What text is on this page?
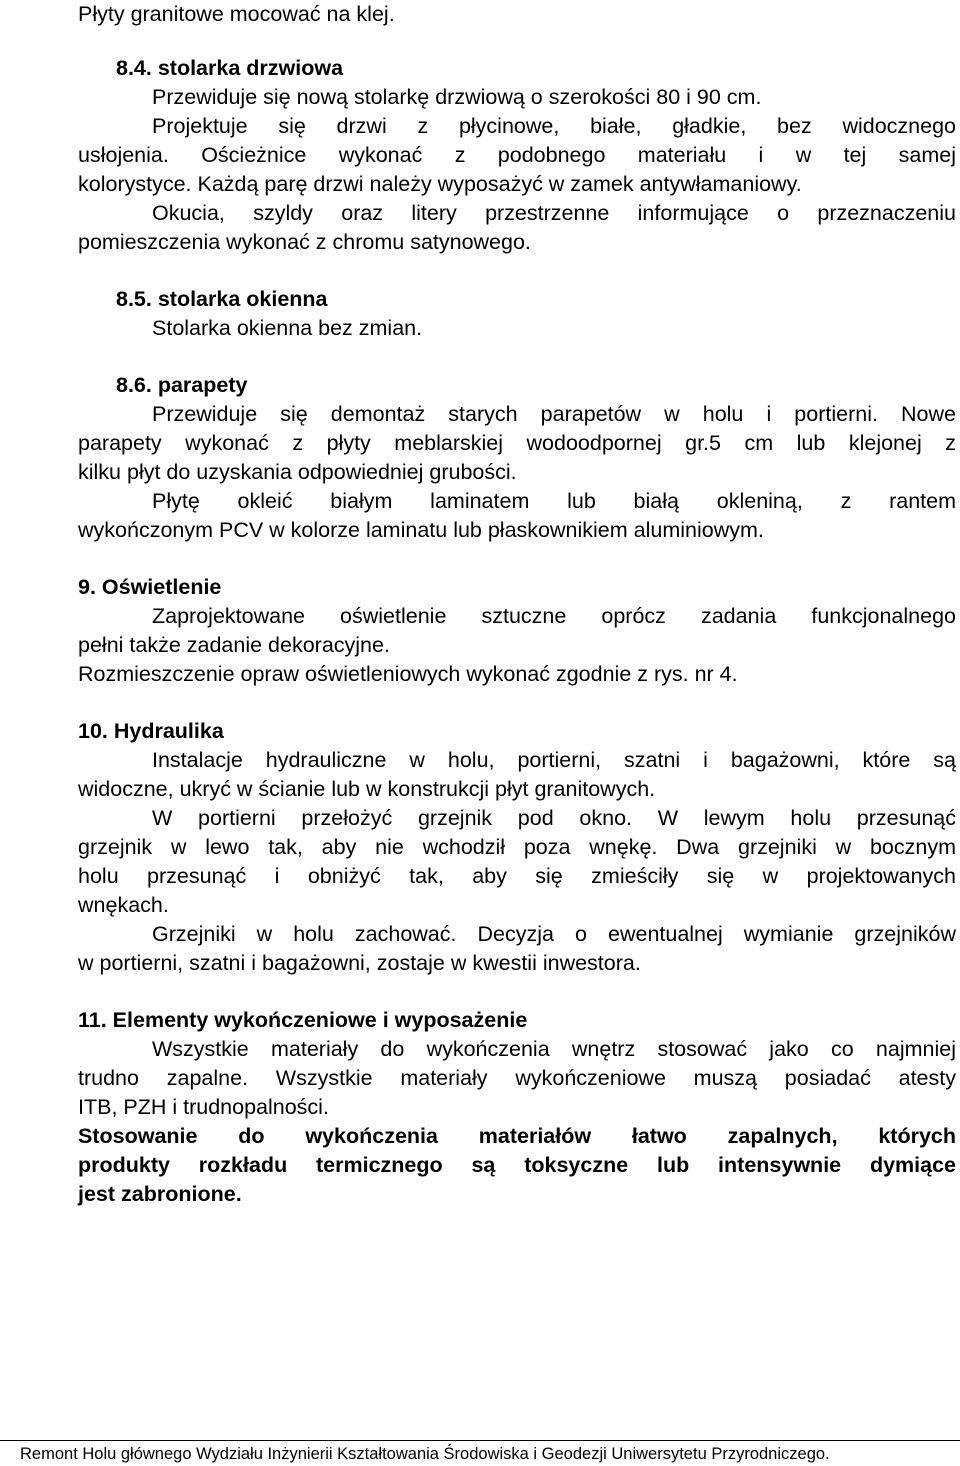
Płyty granitowe mocować na klej.
8.4. stolarka drzwiowa
Przewiduje się nową stolarkę drzwiową o szerokości 80 i 90 cm.
Projektuje się drzwi z płycinowe, białe, gładkie, bez widocznego
usłojenia. Ościeżnice wykonać z podobnego materiału i w tej samej
kolorystyce. Każdą parę drzwi należy wyposażyć w zamek antywłamaniowy.
Okucia, szyldy oraz litery przestrzenne informujące o przeznaczeniu
pomieszczenia wykonać z chromu satynowego.
8.5. stolarka okienna
Stolarka okienna bez zmian.
8.6. parapety
Przewiduje się demontaż starych parapetów w holu i portierni. Nowe
parapety wykonać z płyty meblarskiej wodoodpornej gr.5 cm lub klejonej z
kilku płyt do uzyskania odpowiedniej grubości.
Płytę okleić białym laminatem lub białą okleniną, z rantem
wykończonym PCV w kolorze laminatu lub płaskownikiem aluminiowym.
9. Oświetlenie
Zaprojektowane oświetlenie sztuczne oprócz zadania funkcjonalnego
pełni także zadanie dekoracyjne.
Rozmieszczenie opraw oświetleniowych wykonać zgodnie z rys. nr 4.
10. Hydraulika
Instalacje hydrauliczne w holu, portierni, szatni i bagażowni, które są
widoczne, ukryć w ścianie lub w konstrukcji płyt granitowych.
W portierni przełożyć grzejnik pod okno. W lewym holu przesunąć
grzejnik w lewo tak, aby nie wchodził poza wnękę. Dwa grzejniki w bocznym
holu przesunąć i obniżyć tak, aby się zmieściły się w projektowanych
wnękach.
Grzejniki w holu zachować. Decyzja o ewentualnej wymianie grzejników
w portierni, szatni i bagażowni, zostaje w kwestii inwestora.
11. Elementy wykończeniowe i wyposażenie
Wszystkie materiały do wykończenia wnętrz stosować jako co najmniej
trudno zapalne. Wszystkie materiały wykończeniowe muszą posiadać atesty
ITB, PZH i trudnopalności.
Stosowanie do wykończenia materiałów łatwo zapalnych, których
produkty rozkładu termicznego są toksyczne lub intensywnie dymiące
jest zabronione.
Remont Holu głównego Wydziału Inżynierii Kształtowania Środowiska i Geodezji Uniwersytetu Przyrodniczego.
